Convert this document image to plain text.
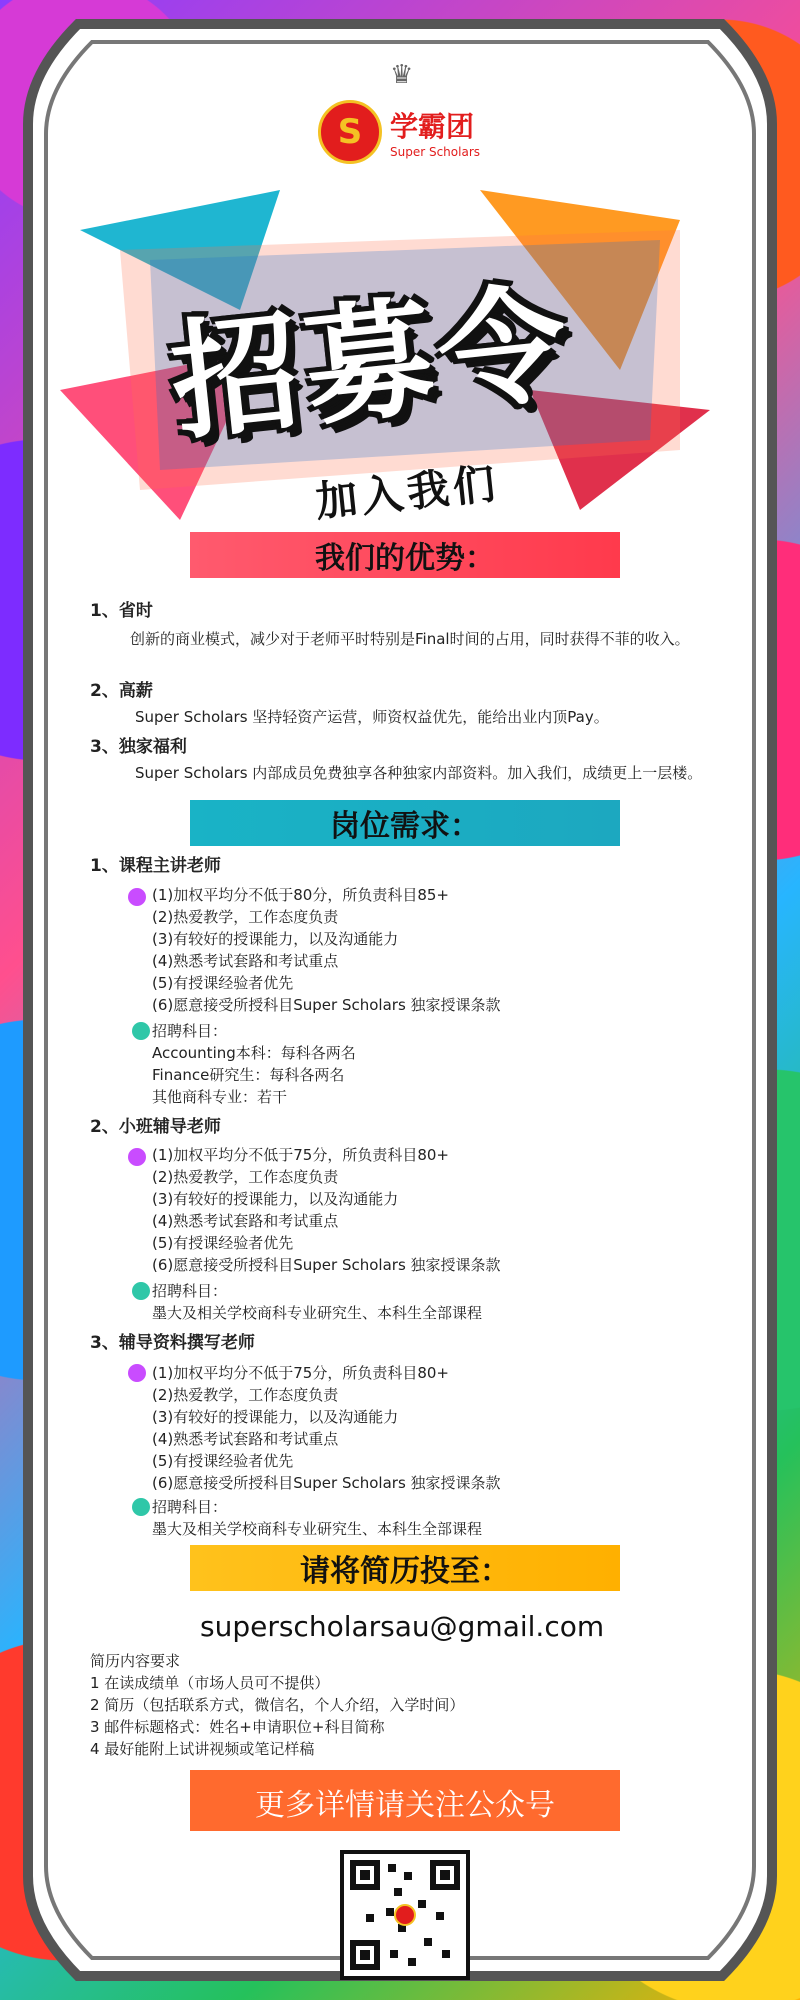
♛
S 学霸团
Super Scholars
招募令
加入我们
我们的优势：
1、省时
创新的商业模式，减少对于老师平时特别是Final时间的占用，同时获得不菲的收入。
2、高薪
Super Scholars 坚持轻资产运营，师资权益优先，能给出业内顶Pay。
3、独家福利
Super Scholars 内部成员免费独享各种独家内部资料。加入我们，成绩更上一层楼。
岗位需求：
1、课程主讲老师
(1)加权平均分不低于80分，所负责科目85+
(2)热爱教学，工作态度负责
(3)有较好的授课能力，以及沟通能力
(4)熟悉考试套路和考试重点
(5)有授课经验者优先
(6)愿意接受所授科目Super Scholars 独家授课条款
招聘科目：
Accounting本科：每科各两名
Finance研究生：每科各两名
其他商科专业：若干
2、小班辅导老师
(1)加权平均分不低于75分，所负责科目80+
(2)热爱教学，工作态度负责
(3)有较好的授课能力，以及沟通能力
(4)熟悉考试套路和考试重点
(5)有授课经验者优先
(6)愿意接受所授科目Super Scholars 独家授课条款
招聘科目：
墨大及相关学校商科专业研究生、本科生全部课程
3、辅导资料撰写老师
(1)加权平均分不低于75分，所负责科目80+
(2)热爱教学，工作态度负责
(3)有较好的授课能力，以及沟通能力
(4)熟悉考试套路和考试重点
(5)有授课经验者优先
(6)愿意接受所授科目Super Scholars 独家授课条款
招聘科目：
墨大及相关学校商科专业研究生、本科生全部课程
请将简历投至：
superscholarsau@gmail.com
简历内容要求
1 在读成绩单（市场人员可不提供）
2 简历（包括联系方式，微信名，个人介绍，入学时间）
3 邮件标题格式：姓名+申请职位+科目简称
4 最好能附上试讲视频或笔记样稿
更多详情请关注公众号
